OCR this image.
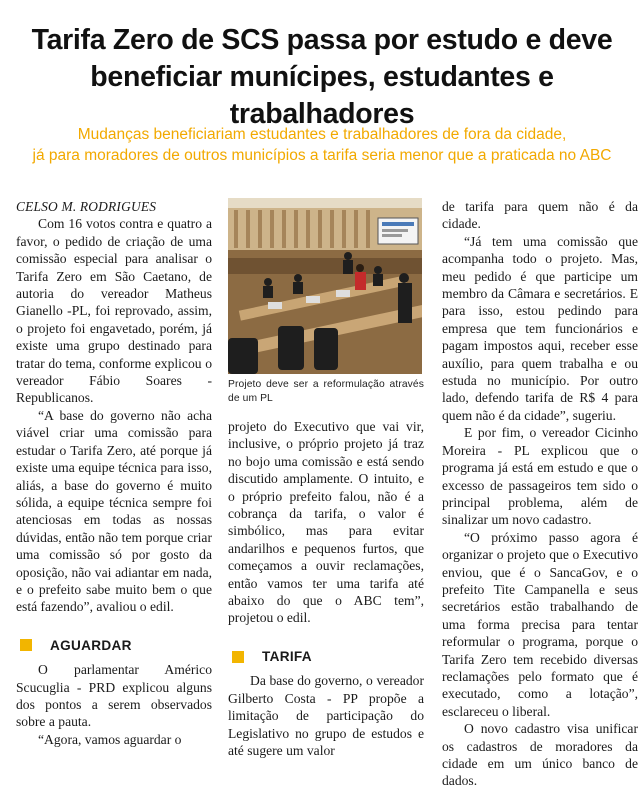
Tarifa Zero de SCS passa por estudo e deve beneficiar munícipes, estudantes e trabalhadores
Mudanças beneficiariam estudantes e trabalhadores de fora da cidade,
já para moradores de outros municípios a tarifa seria menor que a praticada no ABC

CELSO M. RODRIGUES

Com 16 votos contra e quatro a favor, o pedido de criação de uma comissão especial para analisar o Tarifa Zero em São Caetano, de autoria do vereador Matheus Gianello -PL, foi reprovado, assim, o projeto foi engavetado, porém, já existe uma grupo destinado para tratar do tema, conforme explicou o vereador Fábio Soares - Republicanos.

“A base do governo não acha viável criar uma comissão para estudar o Tarifa Zero, até porque já existe uma equipe técnica para isso, aliás, a base do governo é muito sólida, a equipe técnica sempre foi atenciosas em todas as nossas dúvidas, então não tem porque criar uma comissão só por gosto da oposição, não vai adiantar em nada, e o prefeito sabe muito bem o que está fazendo”, avaliou o edil.

AGUARDAR

O parlamentar Américo Scucuglia - PRD explicou alguns dos pontos a serem observados sobre a pauta.

“Agora, vamos aguardar o

Projeto deve ser a reformulação através de um PL

projeto do Executivo que vai vir, inclusive, o próprio projeto já traz no bojo uma comissão e está sendo discutido amplamente. O intuito, e o próprio prefeito falou, não é a cobrança da tarifa, o valor é simbólico, mas para evitar andarilhos e pequenos furtos, que começamos a ouvir reclamações, então vamos ter uma tarifa até abaixo do que o ABC tem”, projetou o edil.

TARIFA

Da base do governo, o vereador Gilberto Costa - PP propõe a limitação de participação do Legislativo no grupo de estudos e até sugere um valor

de tarifa para quem não é da cidade.

“Já tem uma comissão que acompanha todo o projeto. Mas, meu pedido é que participe um membro da Câmara e secretários. E para isso, estou pedindo para empresa que tem funcionários e pagam impostos aqui, receber esse auxílio, para quem trabalha e ou estuda no município. Por outro lado, defendo tarifa de R$ 4 para quem não é da cidade”, sugeriu.

E por fim, o vereador Cicinho Moreira - PL explicou que o programa já está em estudo e que o excesso de passageiros tem sido o principal problema, além de sinalizar um novo cadastro.

“O próximo passo agora é organizar o projeto que o Executivo enviou, que é o SancaGov, e o prefeito Tite Campanella e seus secretários estão trabalhando de uma forma precisa para tentar reformular o programa, porque o Tarifa Zero tem recebido diversas reclamações pelo formato que é executado, como a lotação”, esclareceu o liberal.

O novo cadastro visa unificar os cadastros de moradores da cidade em um único banco de dados.
